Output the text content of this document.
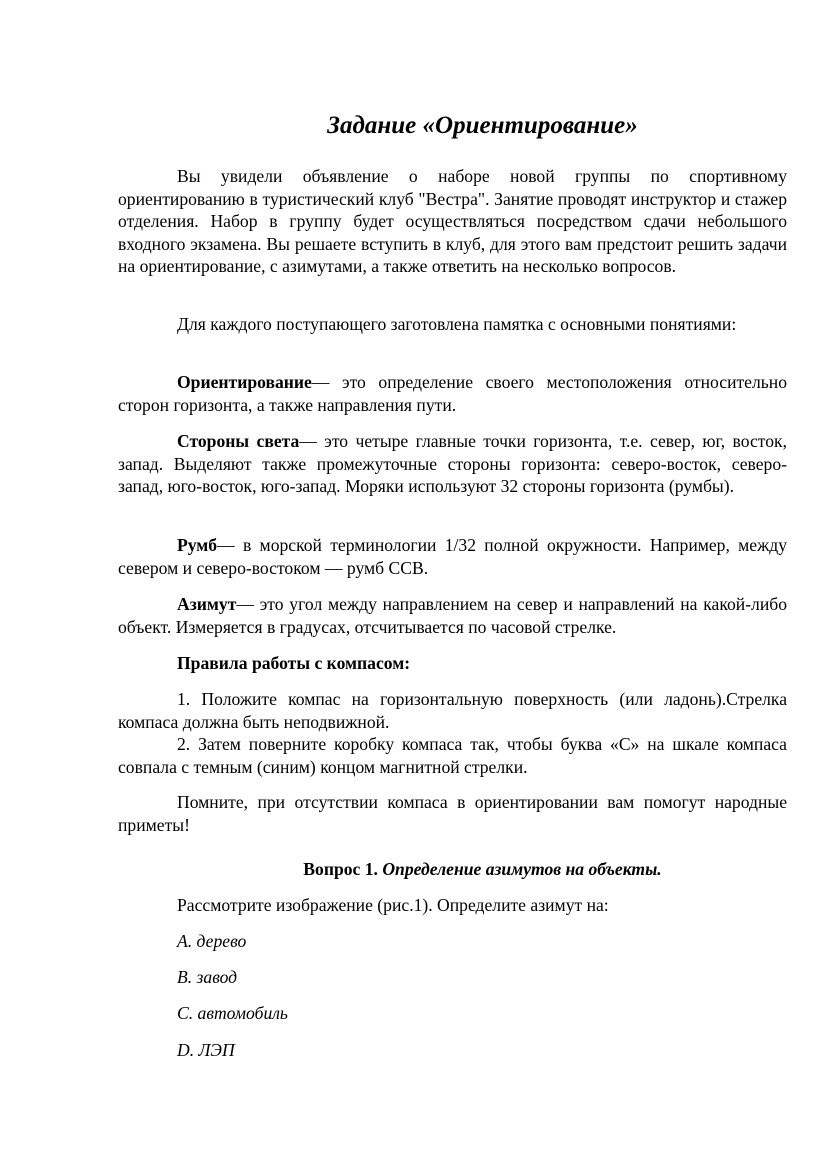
Задание «Ориентирование»

Вы увидели объявление о наборе новой группы по спортивному ориентированию в туристический клуб "Вестра". Занятие проводят инструктор и стажер отделения. Набор в группу будет осуществляться посредством сдачи небольшого входного экзамена. Вы решаете вступить в клуб, для этого вам предстоит решить задачи на ориентирование, с азимутами, а также ответить на несколько вопросов.

Для каждого поступающего заготовлена памятка с основными понятиями:

Ориентирование— это определение своего местоположения относительно сторон горизонта, а также направления пути.

Стороны света— это четыре главные точки горизонта, т.е. север, юг, восток, запад. Выделяют также промежуточные стороны горизонта: северо-восток, северо-запад, юго-восток, юго-запад. Моряки используют 32 стороны горизонта (румбы).

Румб— в морской терминологии 1/32 полной окружности. Например, между севером и северо-востоком — румб ССВ.

Азимут— это угол между направлением на север и направлений на какой-либо объект. Измеряется в градусах, отсчитывается по часовой стрелке.

Правила работы с компасом:

1. Положите компас на горизонтальную поверхность (или ладонь).Стрелка компаса должна быть неподвижной.

2. Затем поверните коробку компаса так, чтобы буква «С» на шкале компаса совпала с темным (синим) концом магнитной стрелки.

Помните, при отсутствии компаса в ориентировании вам помогут народные приметы!

Вопрос 1. Определение азимутов на объекты.

Рассмотрите изображение (рис.1). Определите азимут на:

A. дерево
B. завод
C. автомобиль
D. ЛЭП
